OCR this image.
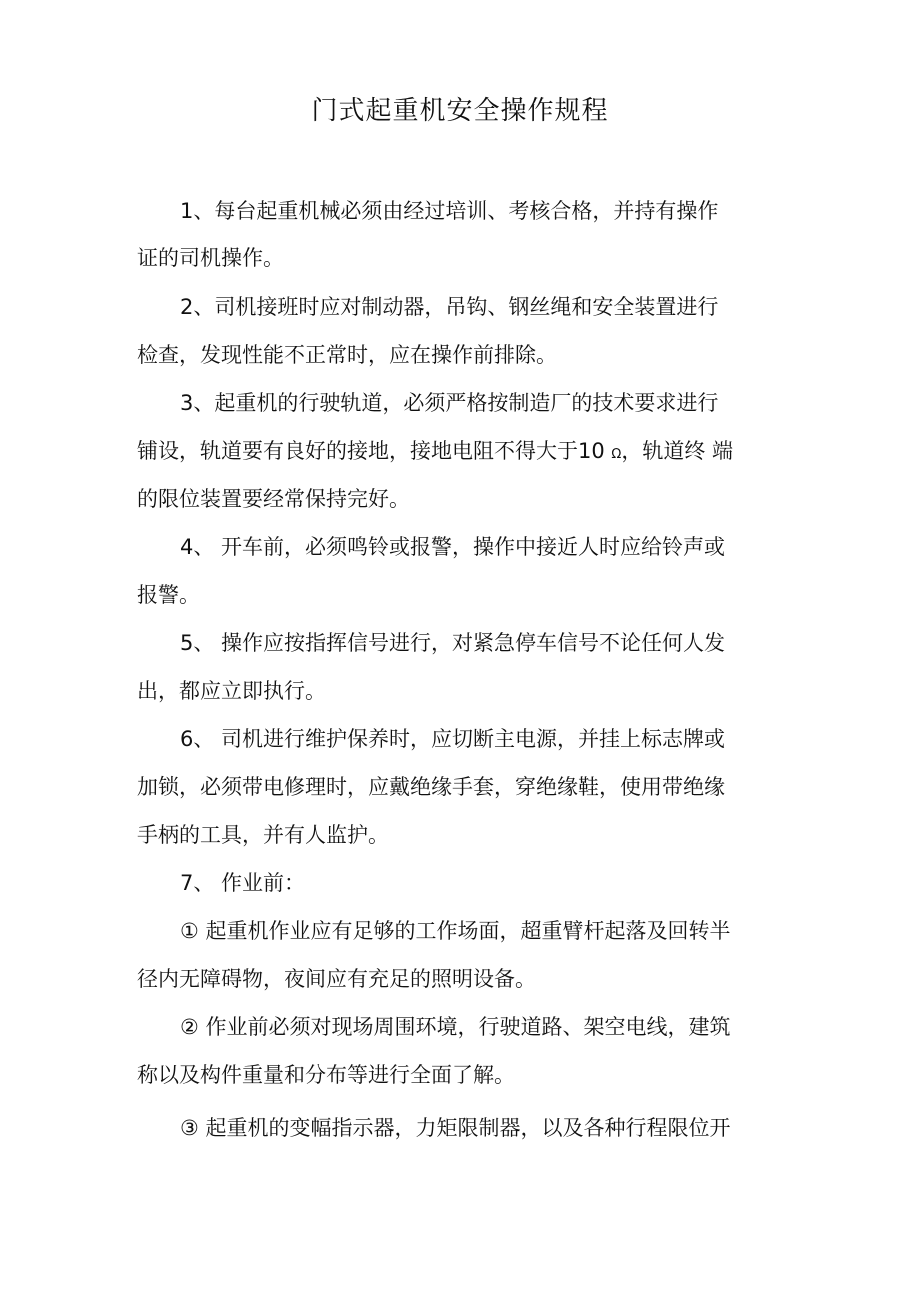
门式起重机安全操作规程
1、每台起重机械必须由经过培训、考核合格，并持有操作
证的司机操作。
2、司机接班时应对制动器，吊钩、钢丝绳和安全装置进行
检查，发现性能不正常时，应在操作前排除。
3、起重机的行驶轨道，必须严格按制造厂的技术要求进行
铺设，轨道要有良好的接地，接地电阻不得大于10 Ω，轨道终 端
的限位装置要经常保持完好。
4、 开车前，必须鸣铃或报警，操作中接近人时应给铃声或
报警。
5、 操作应按指挥信号进行，对紧急停车信号不论任何人发
出，都应立即执行。
6、 司机进行维护保养时，应切断主电源，并挂上标志牌或
加锁，必须带电修理时，应戴绝缘手套，穿绝缘鞋，使用带绝缘
手柄的工具，并有人监护。
7、 作业前：
① 起重机作业应有足够的工作场面，超重臂杆起落及回转半
径内无障碍物，夜间应有充足的照明设备。
② 作业前必须对现场周围环境，行驶道路、架空电线，建筑
称以及构件重量和分布等进行全面了解。
③ 起重机的变幅指示器，力矩限制器，以及各种行程限位开
